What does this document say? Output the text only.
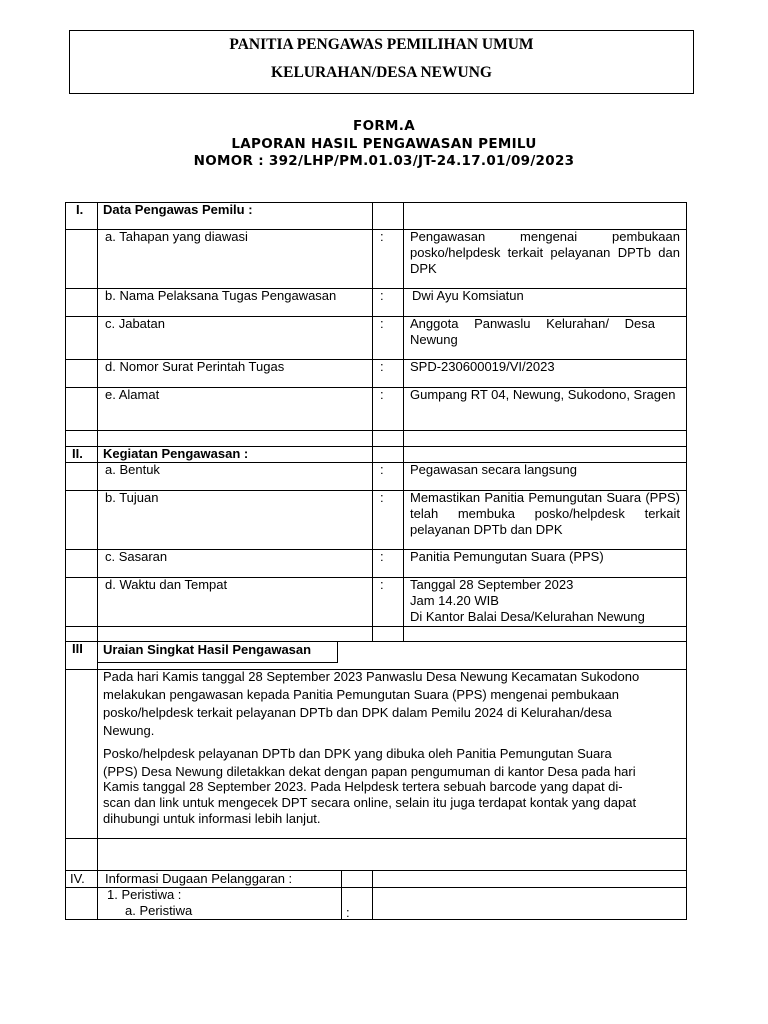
PANITIA PENGAWAS PEMILIHAN UMUM
KELURAHAN/DESA NEWUNG
FORM.A
LAPORAN HASIL PENGAWASAN PEMILU
NOMOR : 392/LHP/PM.01.03/JT-24.17.01/09/2023
I. Data Pengawas Pemilu :
a. Tahapan yang diawasi	: Pengawasan mengenai pembukaan posko/helpdesk terkait pelayanan DPTb dan DPK
b. Nama Pelaksana Tugas Pengawasan	: Dwi Ayu Komsiatun
c. Jabatan	: Anggota Panwaslu Kelurahan/ Desa Newung
d. Nomor Surat Perintah Tugas	: SPD-230600019/VI/2023
e. Alamat	: Gumpang RT 04, Newung, Sukodono, Sragen
II. Kegiatan Pengawasan :
a. Bentuk	: Pegawasan secara langsung
b. Tujuan	: Memastikan Panitia Pemungutan Suara (PPS) telah membuka posko/helpdesk terkait pelayanan DPTb dan DPK
c. Sasaran	: Panitia Pemungutan Suara (PPS)
d. Waktu dan Tempat	: Tanggal 28 September 2023
Jam 14.20 WIB
Di Kantor Balai Desa/Kelurahan Newung
III Uraian Singkat Hasil Pengawasan
Pada hari Kamis tanggal 28 September 2023 Panwaslu Desa Newung Kecamatan Sukodono
melakukan pengawasan kepada Panitia Pemungutan Suara (PPS) mengenai pembukaan
posko/helpdesk terkait pelayanan DPTb dan DPK dalam Pemilu 2024 di Kelurahan/desa
Newung.
Posko/helpdesk pelayanan DPTb dan DPK yang dibuka oleh Panitia Pemungutan Suara
(PPS) Desa Newung diletakkan dekat dengan papan pengumuman di kantor Desa pada hari
Kamis tanggal 28 September 2023. Pada Helpdesk tertera sebuah barcode yang dapat di-
scan dan link untuk mengecek DPT secara online, selain itu juga terdapat kontak yang dapat
dihubungi untuk informasi lebih lanjut.
IV. Informasi Dugaan Pelanggaran :
1. Peristiwa :
a. Peristiwa	:
